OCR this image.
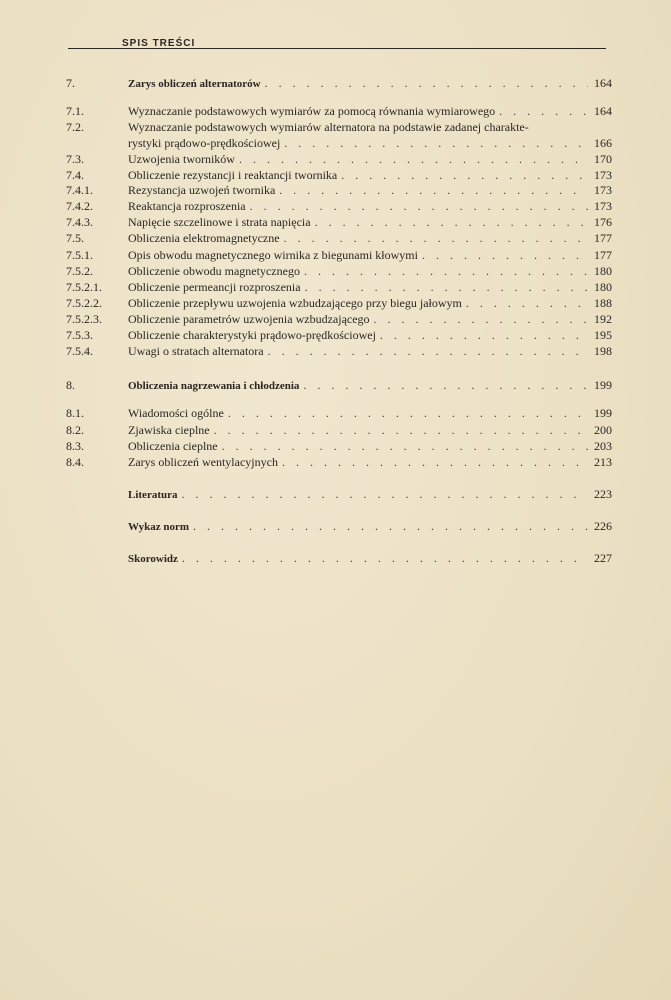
SPIS TREŚCI
7.	Zarys obliczeń alternatorów . . .	164
7.1.	Wyznaczanie podstawowych wymiarów za pomocą równania wymiarowego . . .	164
7.2.	Wyznaczanie podstawowych wymiarów alternatora na podstawie zadanej charakte-
rystyki prądowo-prędkościowej . . .	166
7.3.	Uzwojenia tworników . . .	170
7.4.	Obliczenie rezystancji i reaktancji twornika . . .	173
7.4.1.	Rezystancja uzwojeń twornika . . .	173
7.4.2.	Reaktancja rozproszenia . . .	173
7.4.3.	Napięcie szczelinowe i strata napięcia . . .	176
7.5.	Obliczenia elektromagnetyczne . . .	177
7.5.1.	Opis obwodu magnetycznego wirnika z biegunami kłowymi . . .	177
7.5.2.	Obliczenie obwodu magnetycznego . . .	180
7.5.2.1. Obliczenie permeancji rozproszenia . . .	180
7.5.2.2. Obliczenie przepływu uzwojenia wzbudzającego przy biegu jałowym . . .	188
7.5.2.3. Obliczenie parametrów uzwojenia wzbudzającego . . .	192
7.5.3.	Obliczenie charakterystyki prądowo-prędkościowej . . .	195
7.5.4.	Uwagi o stratach alternatora . . .	198
8.	Obliczenia nagrzewania i chłodzenia . . .	199
8.1.	Wiadomości ogólne . . .	199
8.2.	Zjawiska cieplne . . .	200
8.3.	Obliczenia cieplne . . .	203
8.4.	Zarys obliczeń wentylacyjnych . . .	213
Literatura . . .	223
Wykaz norm . . .	226
Skorowidz . . .	227
